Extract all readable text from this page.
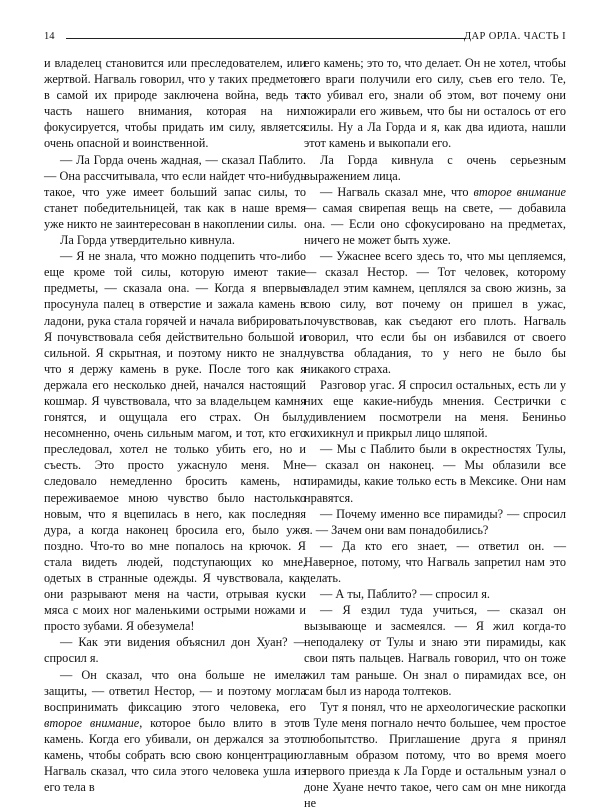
14	ДАР ОРЛА. ЧАСТЬ I

и владелец становится или преследователем, или жертвой. Нагваль говорил, что у таких предметов в самой их природе заключена война, ведь та часть нашего внимания, которая на них фокусируется, чтобы придать им силу, является очень опасной и воинственной.

— Ла Горда очень жадная, — сказал Паблито. — Она рассчитывала, что если найдет что-нибудь такое, что уже имеет больший запас силы, то станет победительницей, так как в наше время уже никто не заинтересован в накоплении силы.

Ла Горда утвердительно кивнула.

— Я не знала, что можно подцепить что-либо еще кроме той силы, которую имеют такие предметы, — сказала она. — Когда я впервые просунула палец в отверстие и зажала камень в ладони, рука стала горячей и начала вибрировать. Я почувствовала себя действительно большой и сильной. Я скрытная, и поэтому никто не знал, что я держу камень в руке. После того как я держала его несколько дней, начался настоящий кошмар. Я чувствовала, что за владельцем камня гонятся, и ощущала его страх. Он был, несомненно, очень сильным магом, и тот, кто его преследовал, хотел не только убить его, но и съесть. Это просто ужаснуло меня. Мне следовало немедленно бросить камень, но переживаемое мною чувство было настолько новым, что я вцепилась в него, как последняя дура, а когда наконец бросила его, было уже поздно. Что-то во мне попалось на крючок. Я стала видеть людей, подступающих ко мне, одетых в странные одежды. Я чувствовала, как они разрывают меня на части, отрывая куски мяса с моих ног маленькими острыми ножами и просто зубами. Я обезумела!

— Как эти видения объяснил дон Хуан? — спросил я.

— Он сказал, что она больше не имела защиты, — ответил Нестор, — и поэтому могла воспринимать фиксацию этого человека, его второе внимание, которое было влито в этот камень. Когда его убивали, он держался за этот камень, чтобы собрать всю свою концентрацию. Нагваль сказал, что сила этого человека ушла из его тела в

его камень; это то, что делает. Он не хотел, чтобы его враги получили его силу, съев его тело. Те, кто убивал его, знали об этом, вот почему они пожирали его живьем, что бы ни осталось от его силы. Ну а Ла Горда и я, как два идиота, нашли этот камень и выкопали его.

Ла Горда кивнула с очень серьезным выражением лица.

— Нагваль сказал мне, что второе внимание — самая свирепая вещь на свете, — добавила она. — Если оно сфокусировано на предметах, ничего не может быть хуже.

— Ужаснее всего здесь то, что мы цепляемся, — сказал Нестор. — Тот человек, которому владел этим камнем, цеплялся за свою жизнь, за свою силу, вот почему он пришел в ужас, почувствовав, как съедают его плоть. Нагваль говорил, что если бы он избавился от своего чувства обладания, то у него не было бы никакого страха.

Разговор угас. Я спросил остальных, есть ли у них еще какие-нибудь мнения. Сестрички с удивлением посмотрели на меня. Бениньо хихикнул и прикрыл лицо шляпой.

— Мы с Паблито были в окрестностях Тулы, — сказал он наконец. — Мы облазили все пирамиды, какие только есть в Мексике. Они нам нравятся.

— Почему именно все пирамиды? — спросил я. — Зачем они вам понадобились?

— Да кто его знает, — ответил он. — Наверное, потому, что Нагваль запретил нам это делать.

— А ты, Паблито? — спросил я.

— Я ездил туда учиться, — сказал он вызывающе и засмеялся. — Я жил когда-то неподалеку от Тулы и знаю эти пирамиды, как свои пять пальцев. Нагваль говорил, что он тоже жил там раньше. Он знал о пирамидах все, он сам был из народа толтеков.

Тут я понял, что не археологические раскопки в Туле меня погнало нечто большее, чем простое любопытство. Приглашение друга я принял главным образом потому, что во время моего первого приезда к Ла Горде и остальным узнал о доне Хуане нечто такое, чего сам он мне никогда не
